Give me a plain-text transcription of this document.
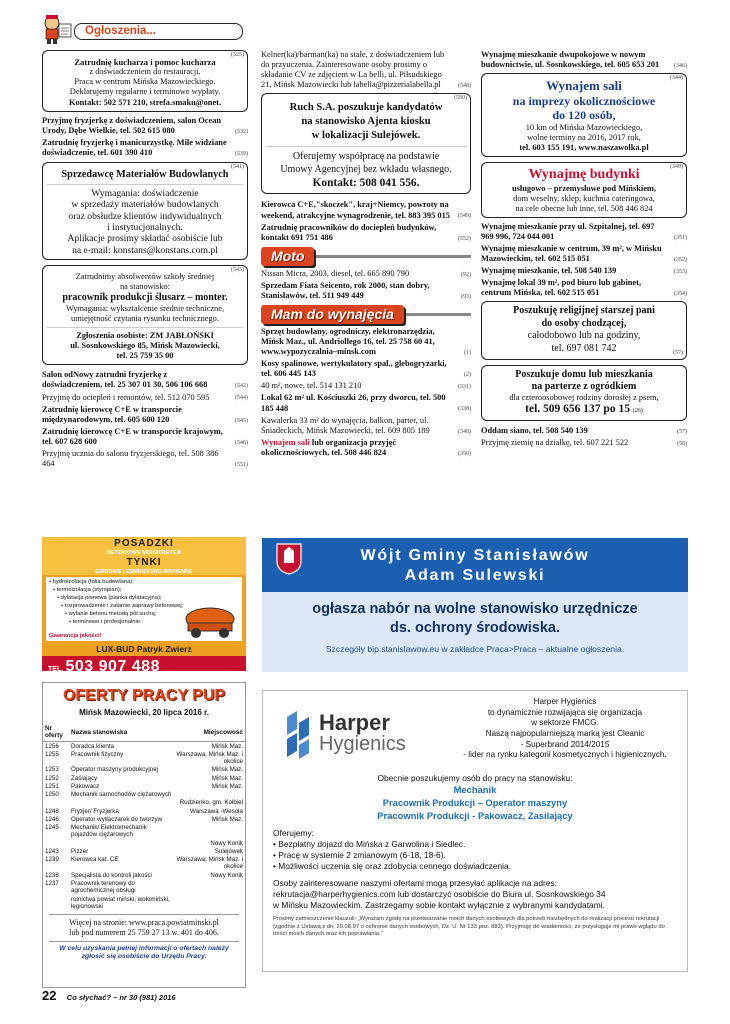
Ogłoszenia...
(525)
Zatrudnię kucharza i pomoc kucharza
z doświadczeniem do restauracji.
Praca w centrum Mińska Mazowieckiego.
Deklarujemy regularne i terminowe wypłaty.
Kontakt: 502 571 210, strefa.smaku@onet.
Przyjmę fryzjerkę z doświadczeniem, salon Ocean Urody, Dębe Wielkie, tel. 502 615 080	(532)
Zatrudnię fryzjerkę i manicurzystkę. Mile widziane doświadczenie, tel. 601 390 410	(539)
(541)
Sprzedawcę Materiałów Budowlanych
Wymagania: doświadczenie
w sprzedaży materiałów budowlanych
oraz obsłudze klientów indywidualnych
i instytucjonalnych.
Aplikacje prosimy składać osobiście lub
na e-mail: konstans@konstans.com.pl
(543)
Zatrudnimy absolwentów szkoły średniej
na stanowisko:
pracownik produkcji ślusarz – monter.
Wymagania: wykształcenie średnie techniczne,
umiejętność czytania rysunku technicznego.
Zgłoszenia osobiste: ZM JABŁOŃSKI
ul. Sosnkowskiego 85, Mińsk Mazowiecki,
tel. 25 759 35 00
Salon odNowy zatrudni fryzjerkę z doświadczeniem, tel. 25 307 01 30, 506 106 668	(542)
Przyjmę do ociepleń i remontów, tel. 512 070 595	(544)
Zatrudnię kierowcę C+E w transporcie międzynarodowym, tel. 605 600 120	(545)
Zatrudnię kierowcę C+E w transporcie krajowym, tel. 607 628 600	(546)
Przyjmę ucznia do salonu fryzjerskiego, tel. 508 386 464	(551)
Kelner(ka)/barman(ka) na stałe, z doświadczeniem lub do przyuczenia. Zainteresowane osoby prosimy o składanie CV ze zdjęciem w La belli, ul. Piłsudskiego 21, Mińsk Mazowiecki lub labella@pizzerialabella.pl	(548)
(550)
Ruch S.A. poszukuje kandydatów
na stanowisko Ajenta kiosku
w lokalizacji Sulejówek.
Oferujemy współpracę na podstawie
Umowy Agencyjnej bez wkładu własnego.
Kontakt: 508 041 556.
Kierowca C+E,"skoczek", kraj+Niemcy, powroty na weekend, atrakcyjne wynagrodzenie, tel. 883 395 015 (549)
Zatrudnię pracowników do dociepleń budynków, kontakt 691 751 486	(552)
Moto
Nissan Micra, 2003, diesel, tel. 665 890 790	(92)
Sprzedam Fiata Seicento, rok 2000, stan dobry, Stanisławów, tel. 511 949 449	(93)
Mam do wynajęcia
Sprzęt budowlany, ogrodniczy, elektronarzędzia, Mińsk Maz., ul. Andriollego 16, tel. 25 758 60 41, www.wypozyczalnia–minsk.com	(1)
Kosy spalinowe, wertykulatory spal., glebogryzarki, tel. 606 445 143	(2)
40 m², nowe, tel. 514 131 210	(331)
Lokal 62 m² ul. Kościuszki 26, przy dworcu, tel. 500 185 448	(338)
Kawalerka 33 m² do wynajęcia, balkon, parter, ul. Śniadeckich, Mińsk Mazowiecki, tel. 609 805 189	(348)
Wynajem sali lub organizacja przyjęć okolicznościowych, tel. 508 446 824	(350)
Wynajmę mieszkanie dwupokojowe w nowym budownictwie, ul. Sosnkowskiego, tel. 605 653 201 (346)
(344)
Wynajem sali
na imprezy okolicznościowe
do 120 osób,
10 km od Mińska Mazowieckiego,
wolne terminy na 2016, 2017 rok,
tel. 603 155 191, www.naszawolka.pl
(349)
Wynajmę budynki
usługowo – przemysłowe pod Mińskiem,
dom weselny, sklep, kuchnia cateringowa,
na cele obecne lub inne, tel. 508 446 824
Wynajmę mieszkanie przy ul. Szpitalnej, tel. 697 969 996, 724 044 001	(351)
Wynajmę mieszkanie w centrum, 39 m², w Mińsku Mazowieckim, tel. 602 515 051	(352)
Wynajmę mieszkanie, tel. 508 540 139	(353)
Wynajmę lokal 39 m², pod biuro lub gabinet, centrum Mińska, tel. 602 515 051	(354)
Poszukuję religijnej starszej pani
do osoby chodzącej,
całodobowo lub na godziny,
tel. 697 081 742	(57)
Poszukuje domu lub mieszkania
na parterze z ogródkiem
dla czteroosobowej rodziny dorosłej z psem,
tel. 509 656 137 po 15 (26)
Oddam siano, tel. 508 540 139	(57)
Przyjmę ziemię na działkę, tel. 607 221 522	(58)
POSADZKI
BETONOWE MIXOKRETEM
TYNKI
GIPSOWE I CEMENTOWO-WAPIENNE
• hydroizolacja (folia budowlana);
• termoizolacja (styropian);
• dylatacja pionowa (pianka dylatacyjna);
• rozprowadzenie i zatarcie zaprawy betonowej;
• wylanie betonu metodą pół suchą;
• terminowo i profesjonalnie.
Gwarancja jakości!
LUX-BUD Patryk Zwierz
TEL. 503 907 488
Wójt Gminy Stanisławów
Adam Sulewski
ogłasza nabór na wolne stanowisko urzędnicze
ds. ochrony środowiska.
Szczegóły bip.stanislawow.eu w zakładce Praca>Praca – aktualne ogłoszenia.
OFERTY PRACY PUP
Mińsk Mazowiecki, 20 lipca 2016 r.
Nr oferty	Nazwa stanowiska	Miejscowość
1256	Doradca klienta	Mińsk Maz.
1255	Pracownik fizyczny	Warszawa, Mińsk Maz. i okolice
1253	Operator maszyny produkcyjnej	Mińsk Maz.
1252	Zaślający	Mińsk Maz.
1251	Pakowacz	Mińsk Maz.
1250	Mechanik samochodów ciężarowych	
		Rudzienko, gm. Kołbiel
1248	Fryzjer/ Fryzjerka	Warszawa -Wesoła
1246	Operator wytłaczarek do tworzyw	Mińsk Maz.
1245	Mechanik/ Elektromechanik pojazdów ciężarowych	
		Nowy Konik
1243	Pizzer	Sulejówek
1239	Kierowca kat. CE	Warszawa, Mińsk Maz. i okolice
1238	Specjalista do kontroli jakości	Nowy Konik
1237	Pracownik terenowy do agrochemicznej obsługi	
	rolnictwa powiat miński, wołomiński, łęgionowski	
Więcej na stronie: www.praca.powiatminski.pl
lub pod numerem 25 759 27 13 w. 401 do 406.
W celu uzyskania pełnej informacji o ofertach należy zgłosić się osobiście do Urzędu Pracy.
Harper
Hygienics
Harper Hygienics
to dynamicznie rozwijająca się organizacja
w sektorze FMCG.
Naszą najpopularniejszą marką jest Cleanic
- Superbrand 2014/2015
- lider na rynku kategorii kosmetycznych i higienicznych.
Obecnie poszukujemy osób do pracy na stanowisku:
Mechanik
Pracownik Produkcji – Operator maszyny
Pracownik Produkcji - Pakowacz, Zasilający
Oferujemy:
• Bezpłatny dojazd do Mińska z Garwolina i Siedlec.
• Pracę w systemie 2 zmianowym (6-18, 18-6).
• Możliwości uczenia się oraz zdobycia cennego doświadczenia.
Osoby zainteresowane naszymi ofertami mogą przesyłać aplikacje na adres:
rekrutacja@harperhygienics.com lub dostarczyć osobiście do Biura ul. Sosnkowskiego 34
w Mińsku Mazowieckim. Zastrzegamy sobie kontakt wyłącznie z wybranymi kandydatami.
Prosimy zamieszczenie klauzuli: „Wyrażam zgodę na przetwarzanie moich danych osobowych dla potrzeb niezbędnych do realizacji procesu rekrutacji (zgodnie z Ustawą z dn. 29.08.97 o ochronie danych osobowych, Dz. U. Nr 133 poz. 883). Przyjmuję do wiadomości, że przysługuje mi prawo wglądu do treści moich danych oraz ich poprawiania.”
22 Co słychać? – nr 30 (981) 2016
